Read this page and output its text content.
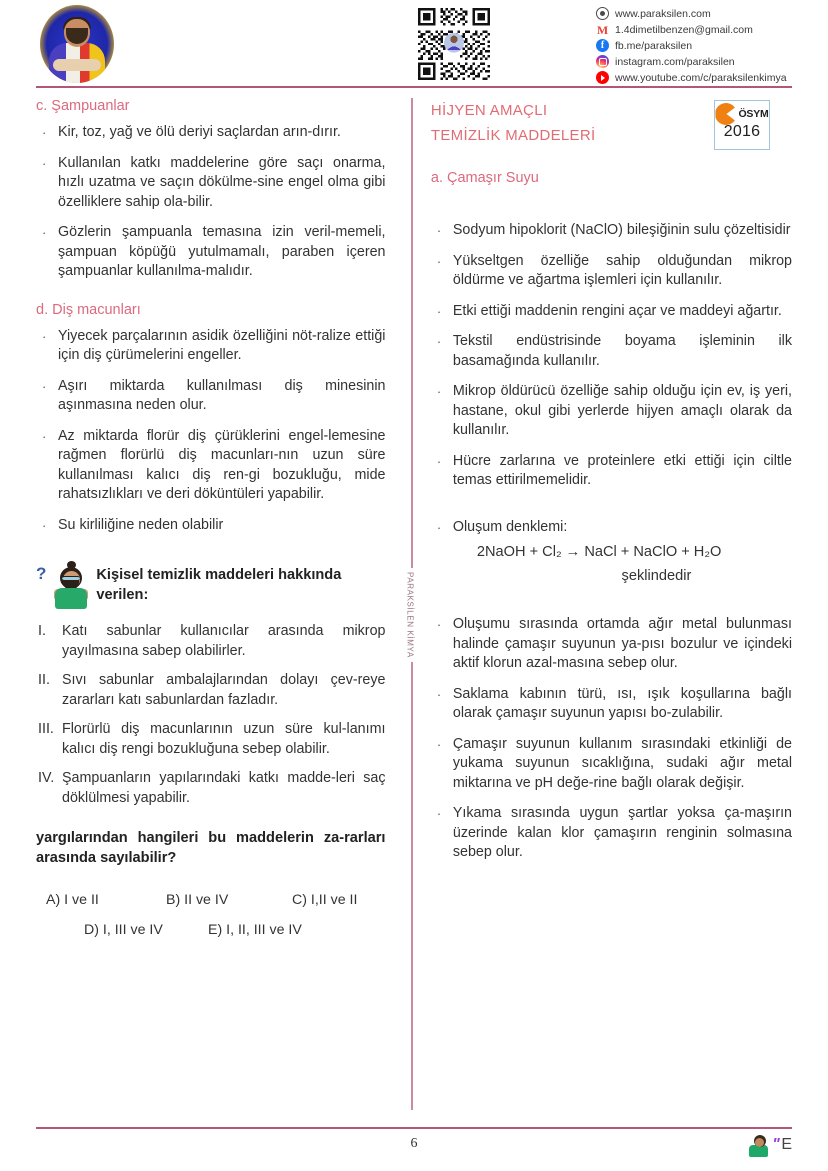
www.paraksilen.com
M 1.4dimetilbenzen@gmail.com
f	fb.me/paraksilen
instagram.com/paraksilen
www.youtube.com/c/paraksilenkimya
c. Şampuanlar
· Kir, toz, yağ ve ölü deriyi saçlardan arın-dırır.
· Kullanılan katkı maddelerine göre saçı onarma, hızlı uzatma ve saçın dökülme-sine engel olma gibi özelliklere sahip ola-bilir.
· Gözlerin şampuanla temasına izin veril-memeli, şampuan köpüğü yutulmamalı, paraben içeren şampuanlar kullanılma-malıdır.
d. Diş macunları
· Yiyecek parçalarının asidik özelliğini nöt-ralize ettiği için diş çürümelerini engeller.
· Aşırı miktarda kullanılması diş minesinin aşınmasına neden olur.
· Az miktarda florür diş çürüklerini engel-lemesine rağmen florürlü diş macunları-nın uzun süre kullanılması kalıcı diş ren-gi bozukluğu, mide rahatsızlıkları ve deri döküntüleri yapabilir.
· Su kirliliğine neden olabilir
?	Kişisel temizlik maddeleri hakkında verilen:
I.	Katı sabunlar kullanıcılar arasında mikrop yayılmasına sabep olabilirler.
II. Sıvı sabunlar ambalajlarından dolayı çev-reye zararları katı sabunlardan fazladır.
III. Florürlü diş macunlarının uzun süre kul-lanımı kalıcı diş rengi bozukluğuna sebep olabilir.
IV. Şampuanların yapılarındaki katkı madde-leri saç döklülmesi yapabilir.
yargılarından hangileri bu maddelerin za-rarları arasında sayılabilir?
A) I ve II	B) II ve IV	C) I,II ve II
D) I, III ve IV	E) I, II, III ve IV
PARAKSİLEN KİMYA
ÖSYM
2016
HİJYEN AMAÇLI
TEMİZLİK MADDELERİ
a. Çamaşır Suyu
· Sodyum hipoklorit (NaClO) bileşiğinin sulu çözeltisidir
· Yükseltgen özelliğe sahip olduğundan mikrop öldürme ve ağartma işlemleri için kullanılır.
· Etki ettiği maddenin rengini açar ve maddeyi ağartır.
· Tekstil endüstrisinde boyama işleminin ilk basamağında kullanılır.
· Mikrop öldürücü özelliğe sahip olduğu için ev, iş yeri, hastane, okul gibi yerlerde hijyen amaçlı olarak da kullanılır.
· Hücre zarlarına ve proteinlere etki ettiği için ciltle temas ettirilmemelidir.
· Oluşum denklemi:
2NaOH + Cl₂ → NaCl + NaClO + H₂O
şeklindedir
· Oluşumu sırasında ortamda ağır metal bulunması halinde çamaşır suyunun ya-pısı bozulur ve içindeki aktif klorun azal-masına sebep olur.
· Saklama kabının türü, ısı, ışık koşullarına bağlı olarak çamaşır suyunun yapısı bo-zulabilir.
· Çamaşır suyunun kullanım sırasındaki etkinliği de yukama suyunun sıcaklığına, sudaki ağır metal miktarına ve pH değe-rine bağlı olarak değişir.
· Yıkama sırasında uygun şartlar yoksa ça-maşırın üzerinde kalan klor çamaşırın renginin solmasına sebep olur.
6	" E
